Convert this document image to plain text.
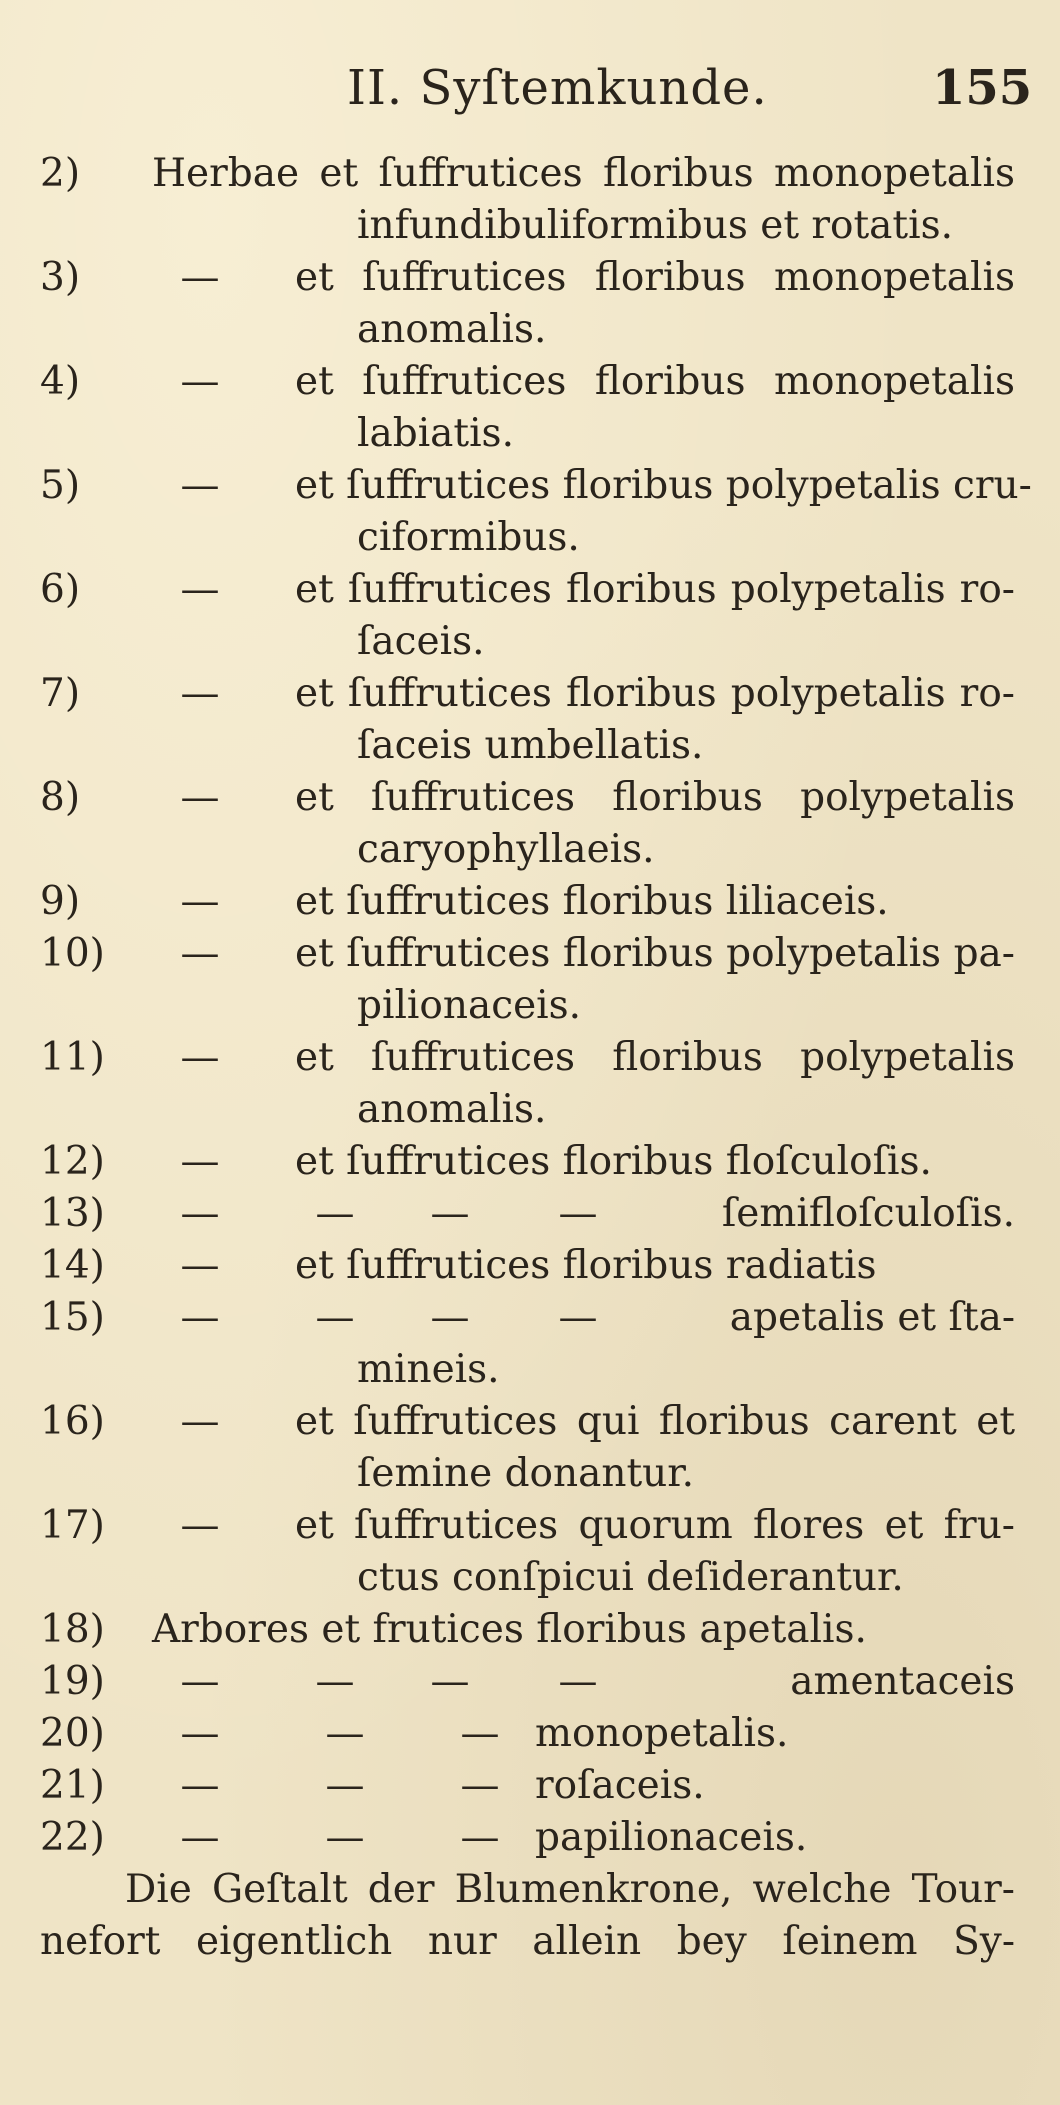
II. Syſtemkunde.	155
2)	Herbae et ſuffrutices floribus monopetalis
infundibuliformibus et rotatis.
3)	— et ſuffrutices floribus monopetalis
anomalis.
4)	— et ſuffrutices floribus monopetalis
labiatis.
5)	— et ſuffrutices floribus polypetalis cru-
ciformibus.
6)	— et ſuffrutices floribus polypetalis ro-
ſaceis.
7)	— et ſuffrutices floribus polypetalis ro-
ſaceis umbellatis.
8)	— et ſuffrutices floribus polypetalis
caryophyllaeis.
9)	— et ſuffrutices floribus liliaceis.
10)	— et ſuffrutices floribus polypetalis pa-
pilionaceis.
11)	— et ſuffrutices floribus polypetalis
anomalis.
12)	— et ſuffrutices floribus floſculoſis.
13)	— — — —	ſemifloſculoſis.
14)	— et ſuffrutices floribus radiatis
15)	— — — —	apetalis et ſta-
mineis.
16)	— et ſuffrutices qui floribus carent et
ſemine donantur.
17)	— et ſuffrutices quorum flores et fru-
ctus conſpicui deſiderantur.
18)	Arbores et frutices floribus apetalis.
19)	— — — —	amentaceis
20)	—	— — monopetalis.
21)	—	— — roſaceis.
22)	—	— — papilionaceis.
Die Geſtalt der Blumenkrone, welche Tour-
nefort eigentlich nur allein bey ſeinem Sy-
